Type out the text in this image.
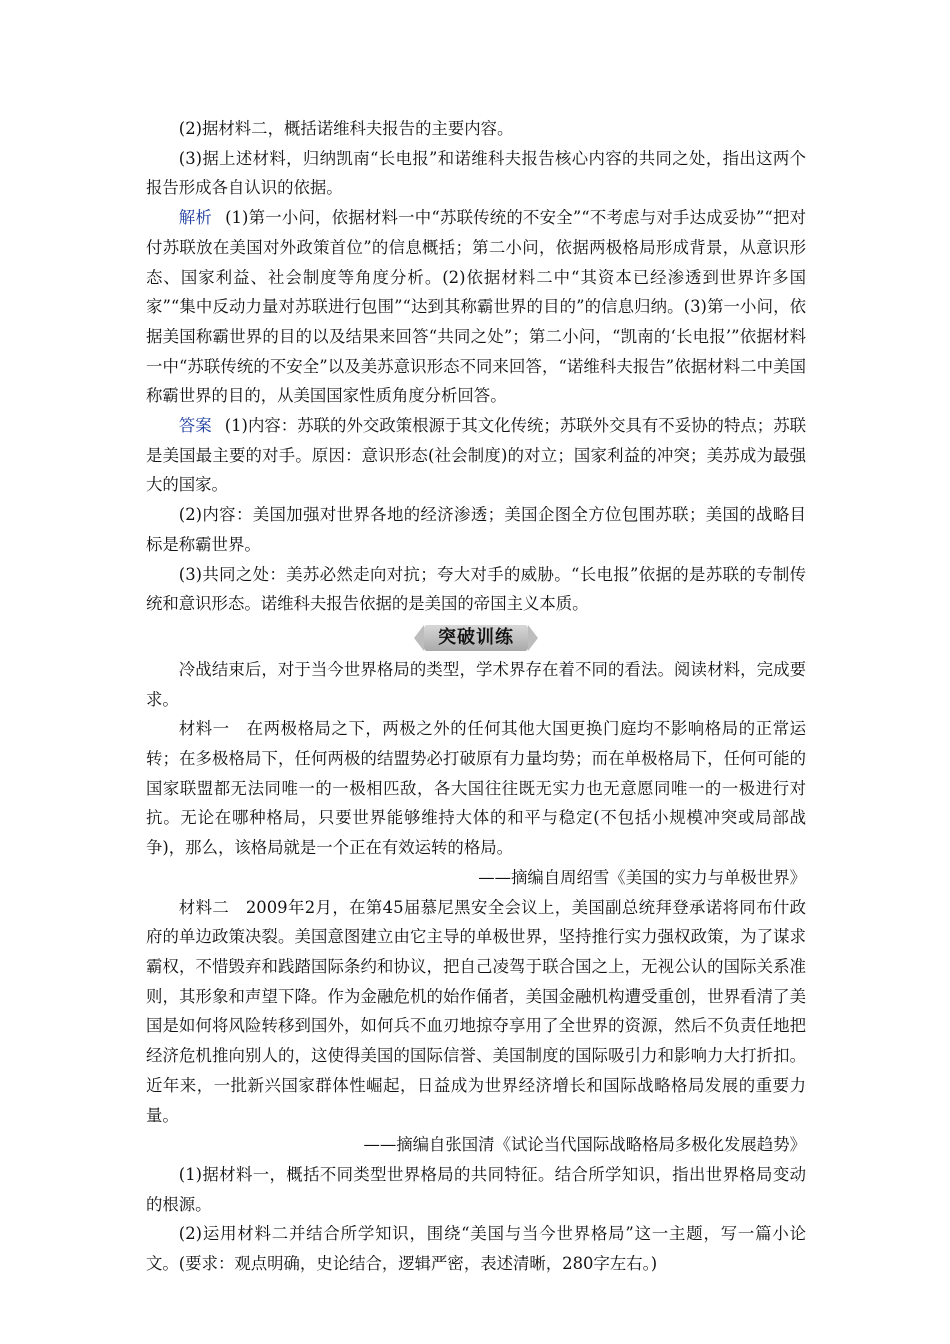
(2)据材料二，概括诺维科夫报告的主要内容。

(3)据上述材料，归纳凯南“长电报”和诺维科夫报告核心内容的共同之处，指出这两个报告形成各自认识的依据。

解析 (1)第一小问，依据材料一中“苏联传统的不安全”“不考虑与对手达成妥协”“把对付苏联放在美国对外政策首位”的信息概括；第二小问，依据两极格局形成背景，从意识形态、国家利益、社会制度等角度分析。(2)依据材料二中“其资本已经渗透到世界许多国家”“集中反动力量对苏联进行包围”“达到其称霸世界的目的”的信息归纳。(3)第一小问，依据美国称霸世界的目的以及结果来回答“共同之处”；第二小问，“凯南的‘长电报’”依据材料一中“苏联传统的不安全”以及美苏意识形态不同来回答，“诺维科夫报告”依据材料二中美国称霸世界的目的，从美国国家性质角度分析回答。

答案 (1)内容：苏联的外交政策根源于其文化传统；苏联外交具有不妥协的特点；苏联是美国最主要的对手。原因：意识形态(社会制度)的对立；国家利益的冲突；美苏成为最强大的国家。

(2)内容：美国加强对世界各地的经济渗透；美国企图全方位包围苏联；美国的战略目标是称霸世界。

(3)共同之处：美苏必然走向对抗；夸大对手的威胁。“长电报”依据的是苏联的专制传统和意识形态。诺维科夫报告依据的是美国的帝国主义本质。

突破训练

冷战结束后，对于当今世界格局的类型，学术界存在着不同的看法。阅读材料，完成要求。

材料一　在两极格局之下，两极之外的任何其他大国更换门庭均不影响格局的正常运转；在多极格局下，任何两极的结盟势必打破原有力量均势；而在单极格局下，任何可能的国家联盟都无法同唯一的一极相匹敌，各大国往往既无实力也无意愿同唯一的一极进行对抗。无论在哪种格局，只要世界能够维持大体的和平与稳定(不包括小规模冲突或局部战争)，那么，该格局就是一个正在有效运转的格局。

——摘编自周绍雪《美国的实力与单极世界》

材料二　2009年2月，在第45届慕尼黑安全会议上，美国副总统拜登承诺将同布什政府的单边政策决裂。美国意图建立由它主导的单极世界，坚持推行实力强权政策，为了谋求霸权，不惜毁弃和践踏国际条约和协议，把自己凌驾于联合国之上，无视公认的国际关系准则，其形象和声望下降。作为金融危机的始作俑者，美国金融机构遭受重创，世界看清了美国是如何将风险转移到国外，如何兵不血刃地掠夺享用了全世界的资源，然后不负责任地把经济危机推向别人的，这使得美国的国际信誉、美国制度的国际吸引力和影响力大打折扣。近年来，一批新兴国家群体性崛起，日益成为世界经济增长和国际战略格局发展的重要力量。

——摘编自张国清《试论当代国际战略格局多极化发展趋势》

(1)据材料一，概括不同类型世界格局的共同特征。结合所学知识，指出世界格局变动的根源。

(2)运用材料二并结合所学知识，围绕“美国与当今世界格局”这一主题，写一篇小论文。(要求：观点明确，史论结合，逻辑严密，表述清晰，280字左右。)
